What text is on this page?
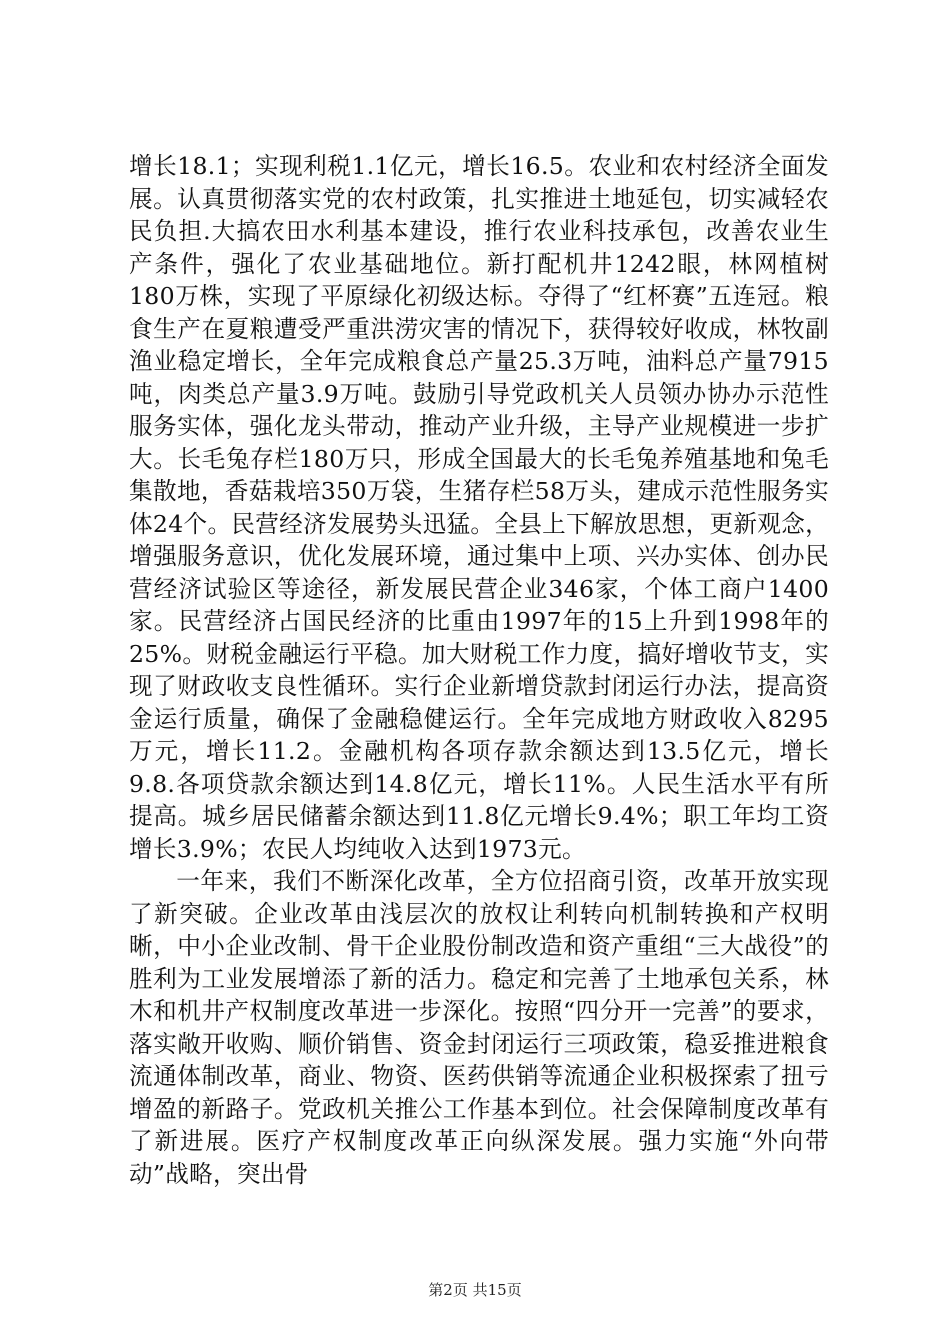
增长18.1；实现利税1.1亿元，增长16.5。农业和农村经济全面发展。认真贯彻落实党的农村政策，扎实推进土地延包，切实减轻农民负担.大搞农田水利基本建设，推行农业科技承包，改善农业生产条件，强化了农业基础地位。新打配机井1242眼，林网植树180万株，实现了平原绿化初级达标。夺得了“红杯赛”五连冠。粮食生产在夏粮遭受严重洪涝灾害的情况下，获得较好收成，林牧副渔业稳定增长，全年完成粮食总产量25.3万吨，油料总产量7915吨，肉类总产量3.9万吨。鼓励引导党政机关人员领办协办示范性服务实体，强化龙头带动，推动产业升级，主导产业规模进一步扩大。长毛兔存栏180万只，形成全国最大的长毛兔养殖基地和兔毛集散地，香菇栽培350万袋，生猪存栏58万头，建成示范性服务实体24个。民营经济发展势头迅猛。全县上下解放思想，更新观念，增强服务意识，优化发展环境，通过集中上项、兴办实体、创办民营经济试验区等途径，新发展民营企业346家，个体工商户1400家。民营经济占国民经济的比重由1997年的15上升到1998年的25%。财税金融运行平稳。加大财税工作力度，搞好增收节支，实现了财政收支良性循环。实行企业新增贷款封闭运行办法，提高资金运行质量，确保了金融稳健运行。全年完成地方财政收入8295万元，增长11.2。金融机构各项存款余额达到13.5亿元，增长9.8.各项贷款余额达到14.8亿元，增长11%。人民生活水平有所提高。城乡居民储蓄余额达到11.8亿元增长9.4%；职工年均工资增长3.9%；农民人均纯收入达到1973元。

一年来，我们不断深化改革，全方位招商引资，改革开放实现了新突破。企业改革由浅层次的放权让利转向机制转换和产权明晰，中小企业改制、骨干企业股份制改造和资产重组“三大战役”的胜利为工业发展增添了新的活力。稳定和完善了土地承包关系，林木和机井产权制度改革进一步深化。按照“四分开一完善”的要求，落实敞开收购、顺价销售、资金封闭运行三项政策，稳妥推进粮食流通体制改革，商业、物资、医药供销等流通企业积极探索了扭亏增盈的新路子。党政机关推公工作基本到位。社会保障制度改革有了新进展。医疗产权制度改革正向纵深发展。强力实施“外向带动”战略，突出骨

第2页 共15页
